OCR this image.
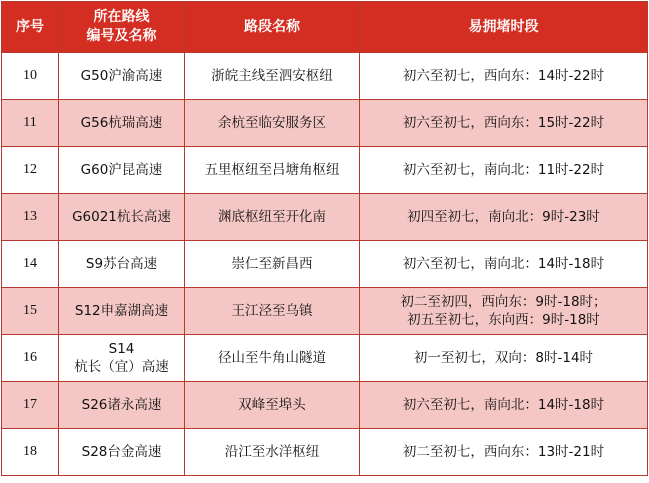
序号	所在路线
编号及名称	路段名称	易拥堵时段
10	G50沪渝高速	浙皖主线至泗安枢纽	初六至初七，西向东：14时-22时

11	G56杭瑞高速	余杭至临安服务区	初六至初七，西向东：15时-22时

12	G60沪昆高速	五里枢纽至吕塘角枢纽	初六至初七，南向北：11时-22时

13	G6021杭长高速	渊底枢纽至开化南	初四至初七，南向北：9时-23时

14	S9苏台高速	崇仁至新昌西	初六至初七，南向北：14时-18时

15	S12申嘉湖高速	王江泾至乌镇	初二至初四，西向东：9时-18时；
初五至初七，东向西：9时-18时

16	S14
杭长（宜）高速	径山至牛角山隧道	初一至初七，双向：8时-14时

17	S26诸永高速	双峰至埠头	初六至初七，南向北：14时-18时

18	S28台金高速	沿江至水洋枢纽	初二至初七，西向东：13时-21时
